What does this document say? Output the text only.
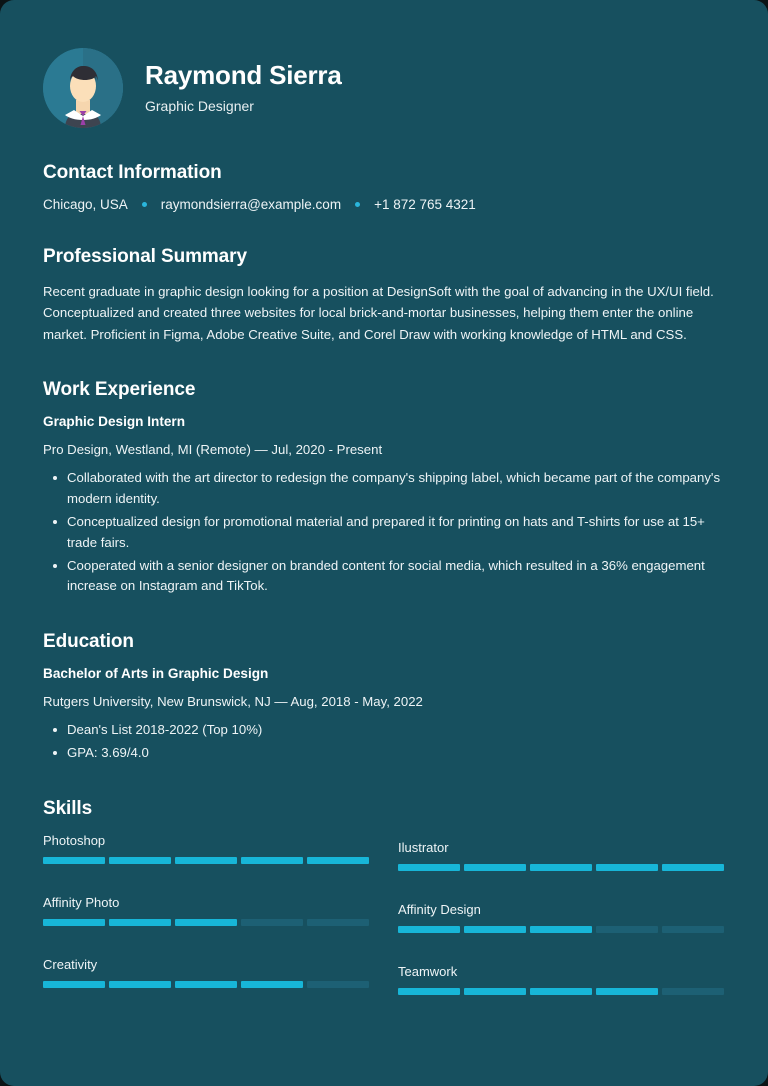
Raymond Sierra
Graphic Designer
Contact Information
Chicago, USA raymondsierra@example.com +1 872 765 4321
Professional Summary
Recent graduate in graphic design looking for a position at DesignSoft with the goal of advancing in the UX/UI field. Conceptualized and created three websites for local brick-and-mortar businesses, helping them enter the online market. Proficient in Figma, Adobe Creative Suite, and Corel Draw with working knowledge of HTML and CSS.
Work Experience
Graphic Design Intern
Pro Design, Westland, MI (Remote) — Jul, 2020 - Present
Collaborated with the art director to redesign the company's shipping label, which became part of the company's modern identity.
Conceptualized design for promotional material and prepared it for printing on hats and T-shirts for use at 15+ trade fairs.
Cooperated with a senior designer on branded content for social media, which resulted in a 36% engagement increase on Instagram and TikTok.
Education
Bachelor of Arts in Graphic Design
Rutgers University, New Brunswick, NJ — Aug, 2018 - May, 2022
Dean's List 2018-2022 (Top 10%)
GPA: 3.69/4.0
Skills
Photoshop	Ilustrator
Affinity Photo	Affinity Design
Creativity	Teamwork
